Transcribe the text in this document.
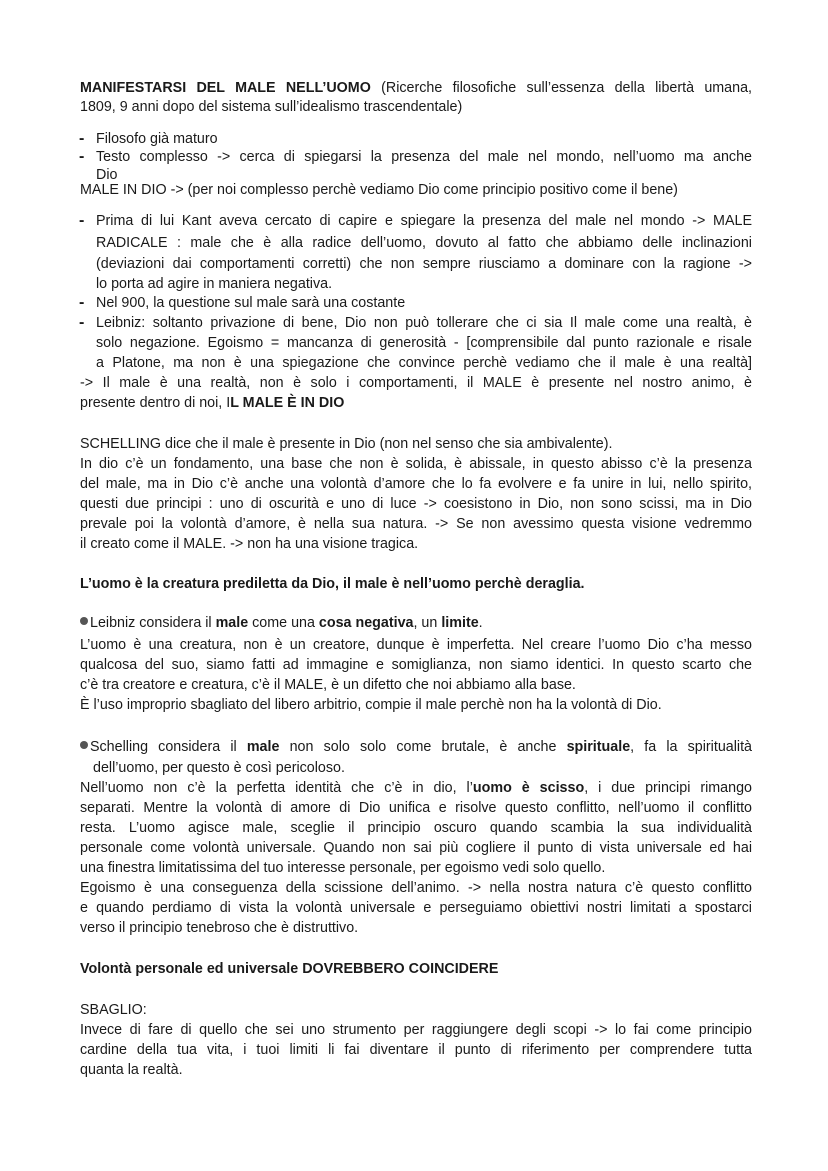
MANIFESTARSI DEL MALE NELL’UOMO (Ricerche filosofiche sull’essenza della libertà umana,
1809, 9 anni dopo del sistema sull’idealismo trascendentale)
- Filosofo già maturo
- Testo complesso -> cerca di spiegarsi la presenza del male nel mondo, nell’uomo ma anche
Dio
MALE IN DIO -> (per noi complesso perchè vediamo Dio come principio positivo come il bene)
- Prima di lui Kant aveva cercato di capire e spiegare la presenza del male nel mondo -> MALE
RADICALE : male che è alla radice dell’uomo, dovuto al fatto che abbiamo delle inclinazioni
(deviazioni dai comportamenti corretti) che non sempre riusciamo a dominare con la ragione ->
lo porta ad agire in maniera negativa.
- Nel 900, la questione sul male sarà una costante
- Leibniz: soltanto privazione di bene, Dio non può tollerare che ci sia Il male come una realtà, è
solo negazione. Egoismo = mancanza di generosità - [comprensibile dal punto razionale e risale
a Platone, ma non è una spiegazione che convince perchè vediamo che il male è una realtà]
-> Il male è una realtà, non è solo i comportamenti, il MALE è presente nel nostro animo, è
presente dentro di noi, IL MALE È IN DIO
SCHELLING dice che il male è presente in Dio (non nel senso che sia ambivalente).
In dio c’è un fondamento, una base che non è solida, è abissale, in questo abisso c’è la presenza
del male, ma in Dio c’è anche una volontà d’amore che lo fa evolvere e fa unire in lui, nello spirito,
questi due principi : uno di oscurità e uno di luce -> coesistono in Dio, non sono scissi, ma in Dio
prevale poi la volontà d’amore, è nella sua natura. -> Se non avessimo questa visione vedremmo
il creato come il MALE. -> non ha una visione tragica.
L’uomo è la creatura prediletta da Dio, il male è nell’uomo perchè deraglia.
Leibniz considera il male come una cosa negativa, un limite.
L’uomo è una creatura, non è un creatore, dunque è imperfetta. Nel creare l’uomo Dio c’ha messo
qualcosa del suo, siamo fatti ad immagine e somiglianza, non siamo identici. In questo scarto che
c’è tra creatore e creatura, c’è il MALE, è un difetto che noi abbiamo alla base.
È l’uso improprio sbagliato del libero arbitrio, compie il male perchè non ha la volontà di Dio.
Schelling considera il male non solo solo come brutale, è anche spirituale, fa la spiritualità
dell’uomo, per questo è così pericoloso.
Nell’uomo non c’è la perfetta identità che c’è in dio, l’uomo è scisso, i due principi rimango
separati. Mentre la volontà di amore di Dio unifica e risolve questo conflitto, nell’uomo il conflitto
resta. L’uomo agisce male, sceglie il principio oscuro quando scambia la sua individualità
personale come volontà universale. Quando non sai più cogliere il punto di vista universale ed hai
una finestra limitatissima del tuo interesse personale, per egoismo vedi solo quello.
Egoismo è una conseguenza della scissione dell’animo. -> nella nostra natura c’è questo conflitto
e quando perdiamo di vista la volontà universale e perseguiamo obiettivi nostri limitati a spostarci
verso il principio tenebroso che è distruttivo.
Volontà personale ed universale DOVREBBERO COINCIDERE
SBAGLIO:
Invece di fare di quello che sei uno strumento per raggiungere degli scopi -> lo fai come principio
cardine della tua vita, i tuoi limiti li fai diventare il punto di riferimento per comprendere tutta
quanta la realtà.
